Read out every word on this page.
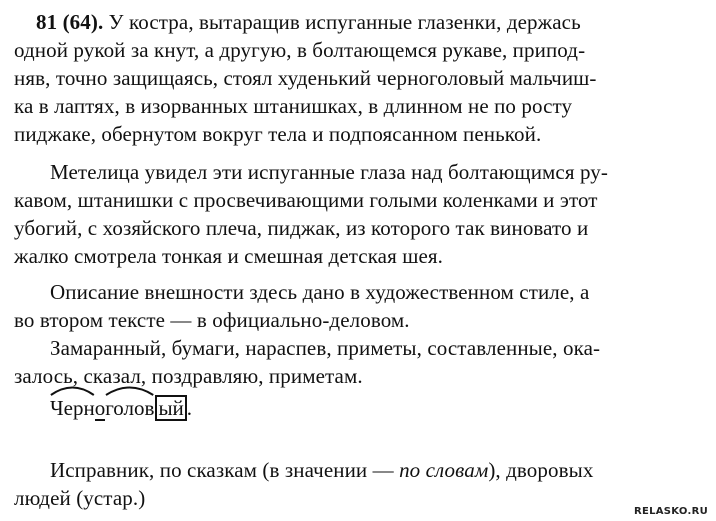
81 (64). У костра, вытаращив испуганные глазенки, держась
одной рукой за кнут, а другую, в болтающемся рукаве, припод-
няв, точно защищаясь, стоял худенький черноголовый мальчиш-
ка в лаптях, в изорванных штанишках, в длинном не по росту
пиджаке, обернутом вокруг тела и подпоясанном пенькой.
Метелица увидел эти испуганные глаза над болтающимся ру-
кавом, штанишки с просвечивающими голыми коленками и этот
убогий, с хозяйского плеча, пиджак, из которого так виновато и
жалко смотрела тонкая и смешная детская шея.
Описание внешности здесь дано в художественном стиле, а
во втором тексте — в официально-деловом.
Замаранный, бумаги, нараспев, приметы, составленные, ока-
залось, сказал, поздравляю, приметам.
Черно
голов ый .
Исправник, по сказкам (в значении — по словам), дворовых
людей (устар.)
RELASKO.RU
